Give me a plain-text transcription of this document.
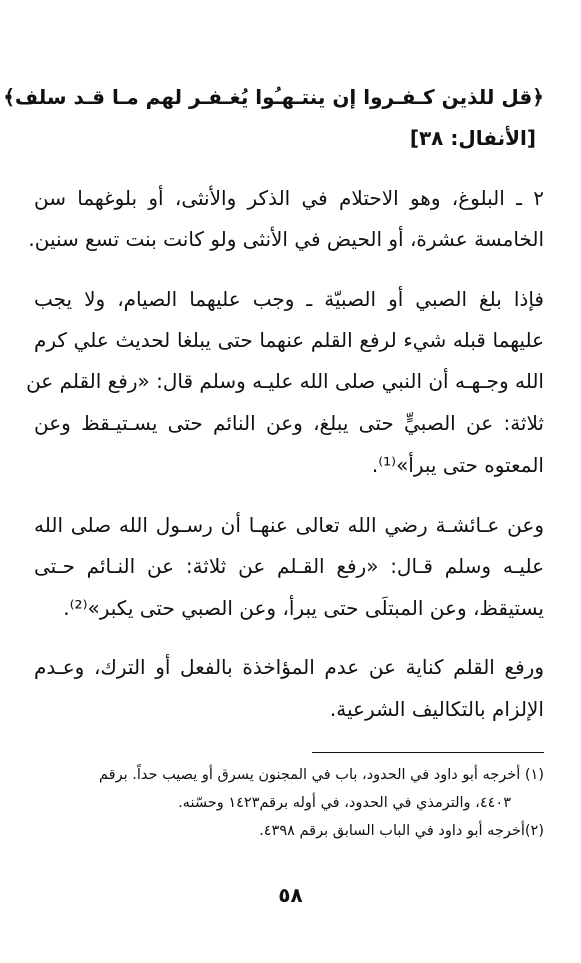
﴿قل للذين كـفـروا إن ينتـهـُوا يُغـفـر لهم مـا قـد سلف﴾
[الأنفال: ٣٨]
٢ ـ البلوغ، وهو الاحتلام في الذكر والأنثى، أو بلوغهما سن
الخامسة عشرة، أو الحيض في الأنثى ولو كانت بنت تسع سنين.
فإذا بلغ الصبي أو الصبيّة ـ وجب عليهما الصيام، ولا يجب
عليهما قبله شيء لرفع القلم عنهما حتى يبلغا لحديث علي كرم
الله وجـهـه أن النبي صلى الله عليـه وسلم قال: «رفع القلم عن
ثلاثة: عن الصبيٍّ حتى يبلغ، وعن النائم حتى يسـتيـقظ وعن
المعتوه حتى يبرأ»⁽¹⁾.
وعن عـائشـة رضي الله تعالى عنهـا أن رسـول الله صلى الله
عليـه وسلم قـال: «رفع القـلم عن ثلاثة: عن النـائم حـتى
يستيقظ، وعن المبتلَى حتى يبرأ، وعن الصبي حتى يكبر»⁽²⁾.
ورفع القلم كناية عن عدم المؤاخذة بالفعل أو الترك، وعـدم
الإلزام بالتكاليف الشرعية.
(١) أخرجه أبو داود في الحدود، باب في المجنون يسرق أو يصيب حداً. برقم
٤٤٠٣، والترمذي في الحدود، في أوله برقم١٤٢٣ وحسّنه.
(٢)أخرجه أبو داود في الباب السابق برقم ٤٣٩٨.
٥٨
